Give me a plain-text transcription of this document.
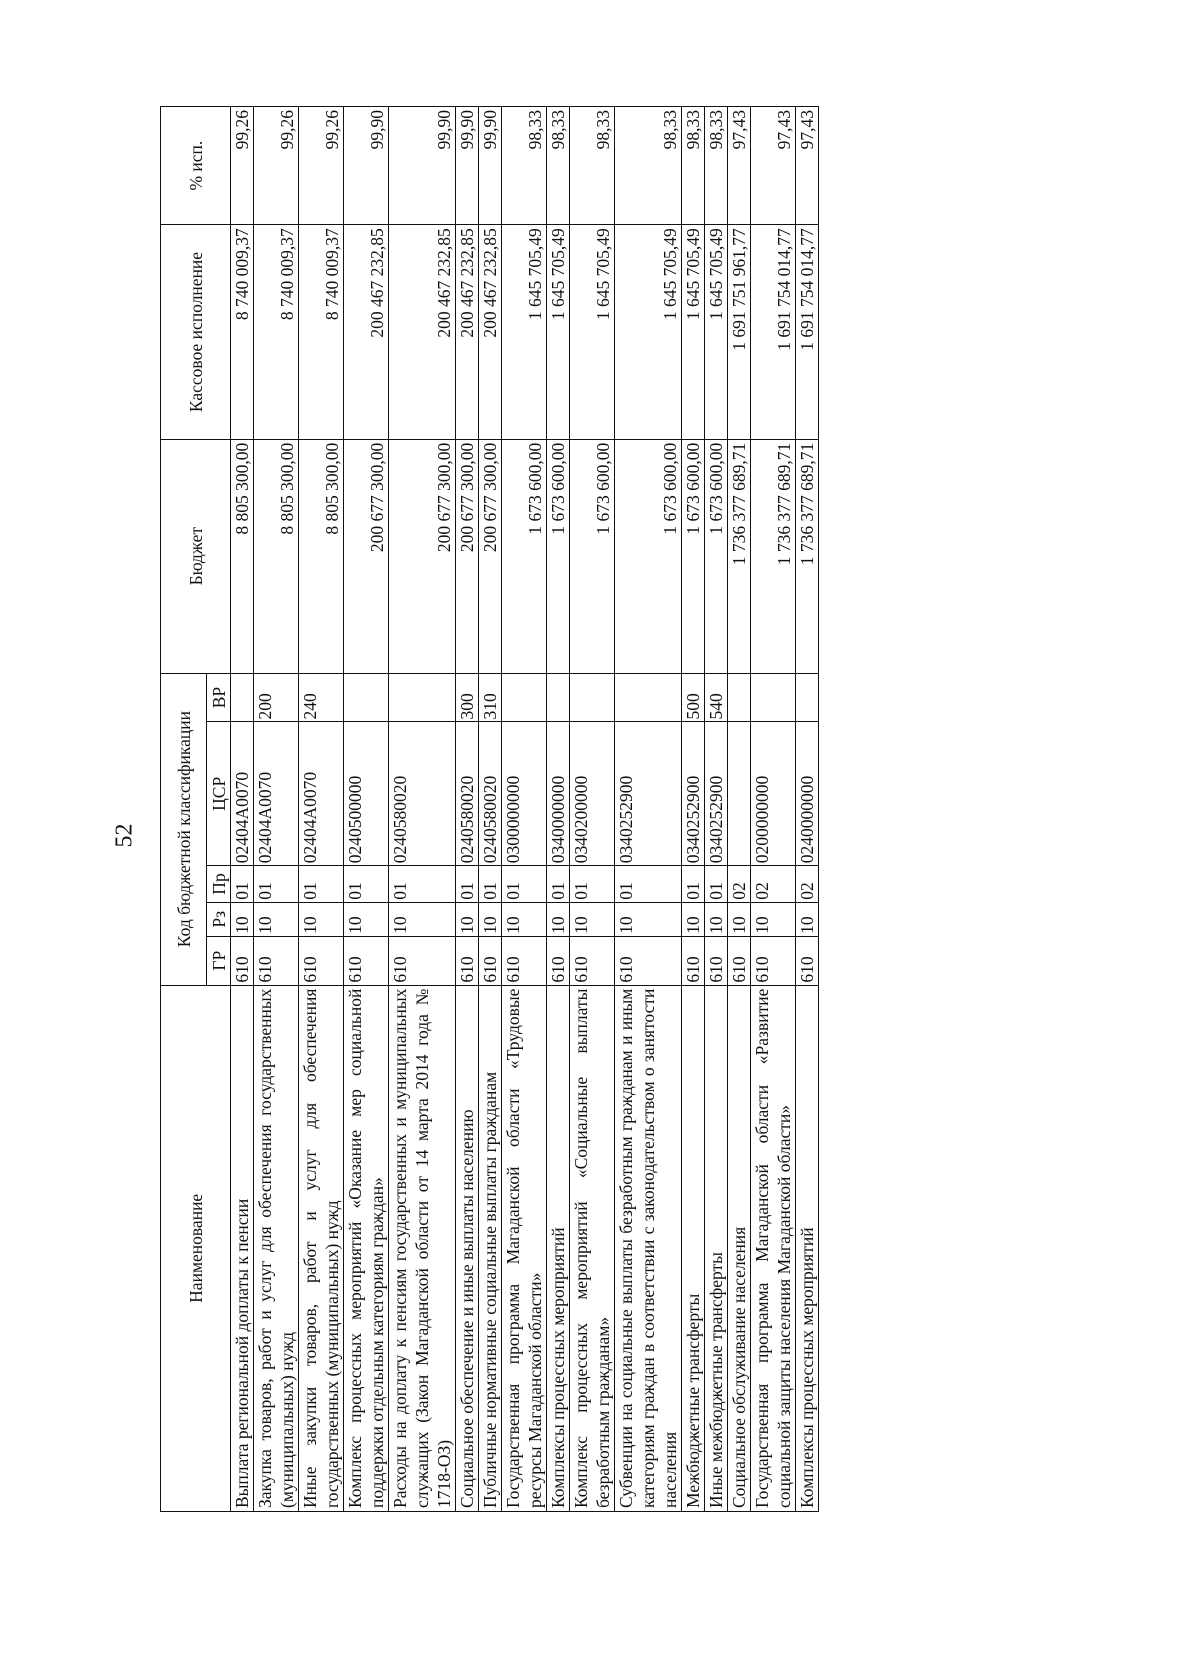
52
Наименование	Код бюджетной классификации					Бюджет	Кассовое исполнение	% исп.
	ГР	Рз	Пр	ЦСР	ВР			
Выплата региональной доплаты к пенсии	610	10	01	02404А0070		8 805 300,00	8 740 009,37	99,26
Закупка товаров, работ и услуг для обеспечения государственных (муниципальных) нужд	610	10	01	02404А0070	200	8 805 300,00	8 740 009,37	99,26
Иные закупки товаров, работ и услуг для обеспечения государственных (муниципальных) нужд	610	10	01	02404А0070	240	8 805 300,00	8 740 009,37	99,26
Комплекс процессных мероприятий «Оказание мер социальной поддержки отдельным категориям граждан»	610	10	01	0240500000		200 677 300,00	200 467 232,85	99,90
Расходы на доплату к пенсиям государственных и муниципальных служащих (Закон Магаданской области от 14 марта 2014 года № 1718-ОЗ)	610	10	01	0240580020		200 677 300,00	200 467 232,85	99,90
Социальное обеспечение и иные выплаты населению	610	10	01	0240580020	300	200 677 300,00	200 467 232,85	99,90
Публичные нормативные социальные выплаты гражданам	610	10	01	0240580020	310	200 677 300,00	200 467 232,85	99,90
Государственная программа Магаданской области «Трудовые ресурсы Магаданской области»	610	10	01	0300000000		1 673 600,00	1 645 705,49	98,33
Комплексы процессных мероприятий	610	10	01	0340000000		1 673 600,00	1 645 705,49	98,33
Комплекс процессных мероприятий «Социальные выплаты безработным гражданам»	610	10	01	0340200000		1 673 600,00	1 645 705,49	98,33
Субвенции на социальные выплаты безработным гражданам и иным категориям граждан в соответствии с законодательством о занятости населения	610	10	01	0340252900		1 673 600,00	1 645 705,49	98,33
Межбюджетные трансферты	610	10	01	0340252900	500	1 673 600,00	1 645 705,49	98,33
Иные межбюджетные трансферты	610	10	01	0340252900	540	1 673 600,00	1 645 705,49	98,33
Социальное обслуживание населения	610	10	02			1 736 377 689,71	1 691 751 961,77	97,43
Государственная программа Магаданской области «Развитие социальной защиты населения Магаданской области»	610	10	02	0200000000		1 736 377 689,71	1 691 754 014,77	97,43
Комплексы процессных мероприятий	610	10	02	0240000000		1 736 377 689,71	1 691 754 014,77	97,43
